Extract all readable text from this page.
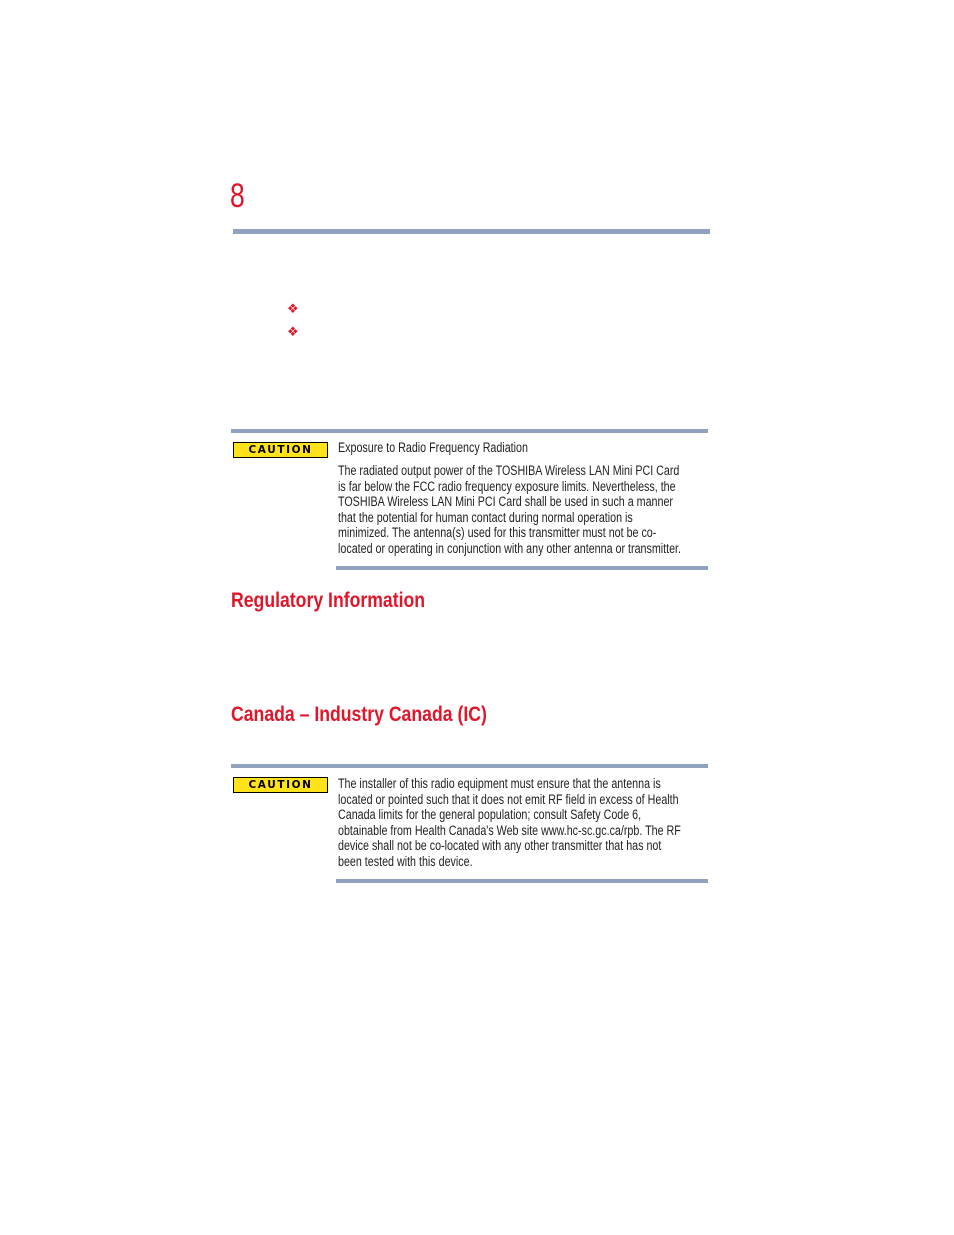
8
❖
❖
CAUTION	Exposure to Radio Frequency Radiation

The radiated output power of the TOSHIBA Wireless LAN Mini PCI Card is far below the FCC radio frequency exposure limits. Nevertheless, the TOSHIBA Wireless LAN Mini PCI Card shall be used in such a manner that the potential for human contact during normal operation is minimized. The antenna(s) used for this transmitter must not be co-located or operating in conjunction with any other antenna or transmitter.

Regulatory Information
Canada – Industry Canada (IC)
CAUTION	The installer of this radio equipment must ensure that the antenna is located or pointed such that it does not emit RF field in excess of Health Canada limits for the general population; consult Safety Code 6, obtainable from Health Canada's Web site www.hc-sc.gc.ca/rpb. The RF device shall not be co-located with any other transmitter that has not been tested with this device.
